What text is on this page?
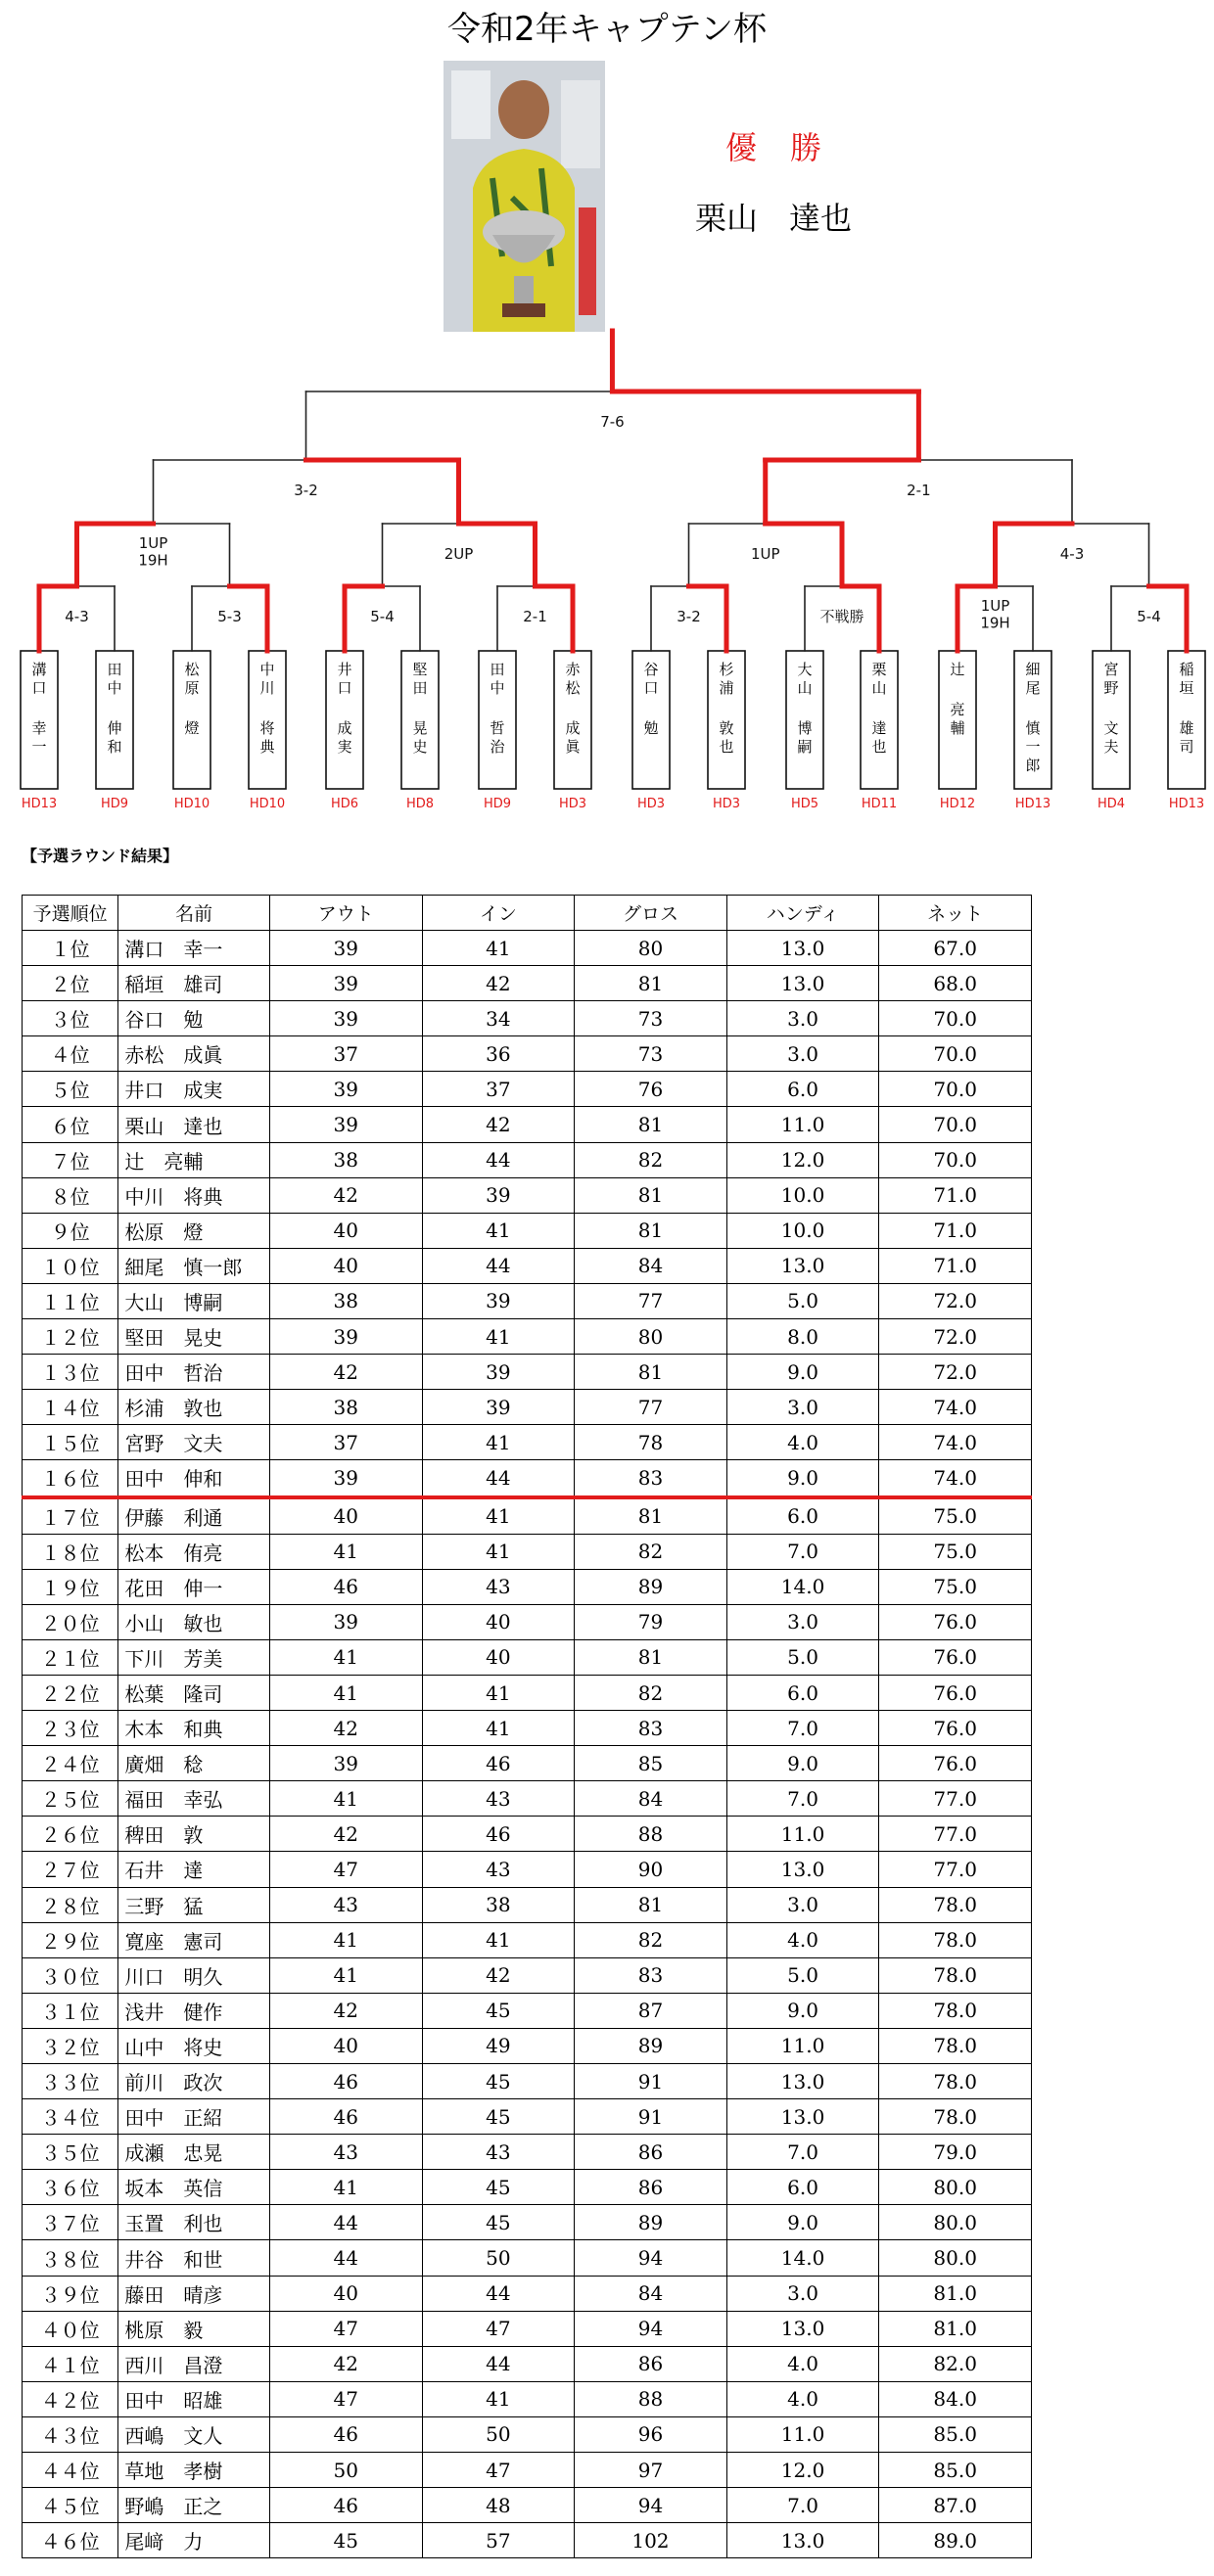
令和2年キャプテン杯
優勝
栗山　達也
溝口幸一
HD13
田中伸和
HD9
松原燈
HD10
中川将典
HD10
井口成実
HD6
堅田晃史
HD8
田中哲治
HD9
赤松成眞
HD3
谷口勉
HD3
杉浦敦也
HD3
大山博嗣
HD5
栗山達也
HD11
辻亮輔
HD12
細尾慎一郎
HD13
宮野文夫
HD4
稲垣雄司
HD13
4-3	5-3	5-4	2-1	3-2	不戦勝
1UP 19H	5-4
1UP 19H	2UP	1UP	4-3
3-2	2-1
7-6
【予選ラウンド結果】
予選順位	名前	アウト	イン	グロス	ハンディ	ネット
１位	溝口　幸一	39	41	80	13.0	67.0
２位	稲垣　雄司	39	42	81	13.0	68.0
３位	谷口　勉	39	34	73	3.0	70.0
４位	赤松　成眞	37	36	73	3.0	70.0
５位	井口　成実	39	37	76	6.0	70.0
６位	栗山　達也	39	42	81	11.0	70.0
７位	辻　亮輔	38	44	82	12.0	70.0
８位	中川　将典	42	39	81	10.0	71.0
９位	松原　燈	40	41	81	10.0	71.0
１０位	細尾　慎一郎	40	44	84	13.0	71.0
１１位	大山　博嗣	38	39	77	5.0	72.0
１２位	堅田　晃史	39	41	80	8.0	72.0
１３位	田中　哲治	42	39	81	9.0	72.0
１４位	杉浦　敦也	38	39	77	3.0	74.0
１５位	宮野　文夫	37	41	78	4.0	74.0
１６位	田中　伸和	39	44	83	9.0	74.0
１７位	伊藤　利通	40	41	81	6.0	75.0
１８位	松本　侑亮	41	41	82	7.0	75.0
１９位	花田　伸一	46	43	89	14.0	75.0
２０位	小山　敏也	39	40	79	3.0	76.0
２１位	下川　芳美	41	40	81	5.0	76.0
２２位	松葉　隆司	41	41	82	6.0	76.0
２３位	木本　和典	42	41	83	7.0	76.0
２４位	廣畑　稔	39	46	85	9.0	76.0
２５位	福田　幸弘	41	43	84	7.0	77.0
２６位	稗田　敦	42	46	88	11.0	77.0
２７位	石井　達	47	43	90	13.0	77.0
２８位	三野　猛	43	38	81	3.0	78.0
２９位	寛座　憲司	41	41	82	4.0	78.0
３０位	川口　明久	41	42	83	5.0	78.0
３１位	浅井　健作	42	45	87	9.0	78.0
３２位	山中　将史	40	49	89	11.0	78.0
３３位	前川　政次	46	45	91	13.0	78.0
３４位	田中　正紹	46	45	91	13.0	78.0
３５位	成瀬　忠晃	43	43	86	7.0	79.0
３６位	坂本　英信	41	45	86	6.0	80.0
３７位	玉置　利也	44	45	89	9.0	80.0
３８位	井谷　和世	44	50	94	14.0	80.0
３９位	藤田　晴彦	40	44	84	3.0	81.0
４０位	桃原　毅	47	47	94	13.0	81.0
４１位	西川　昌澄	42	44	86	4.0	82.0
４２位	田中　昭雄	47	41	88	4.0	84.0
４３位	西嶋　文人	46	50	96	11.0	85.0
４４位	草地　孝樹	50	47	97	12.0	85.0
４５位	野嶋　正之	46	48	94	7.0	87.0
４６位	尾﨑　力	45	57	102	13.0	89.0
